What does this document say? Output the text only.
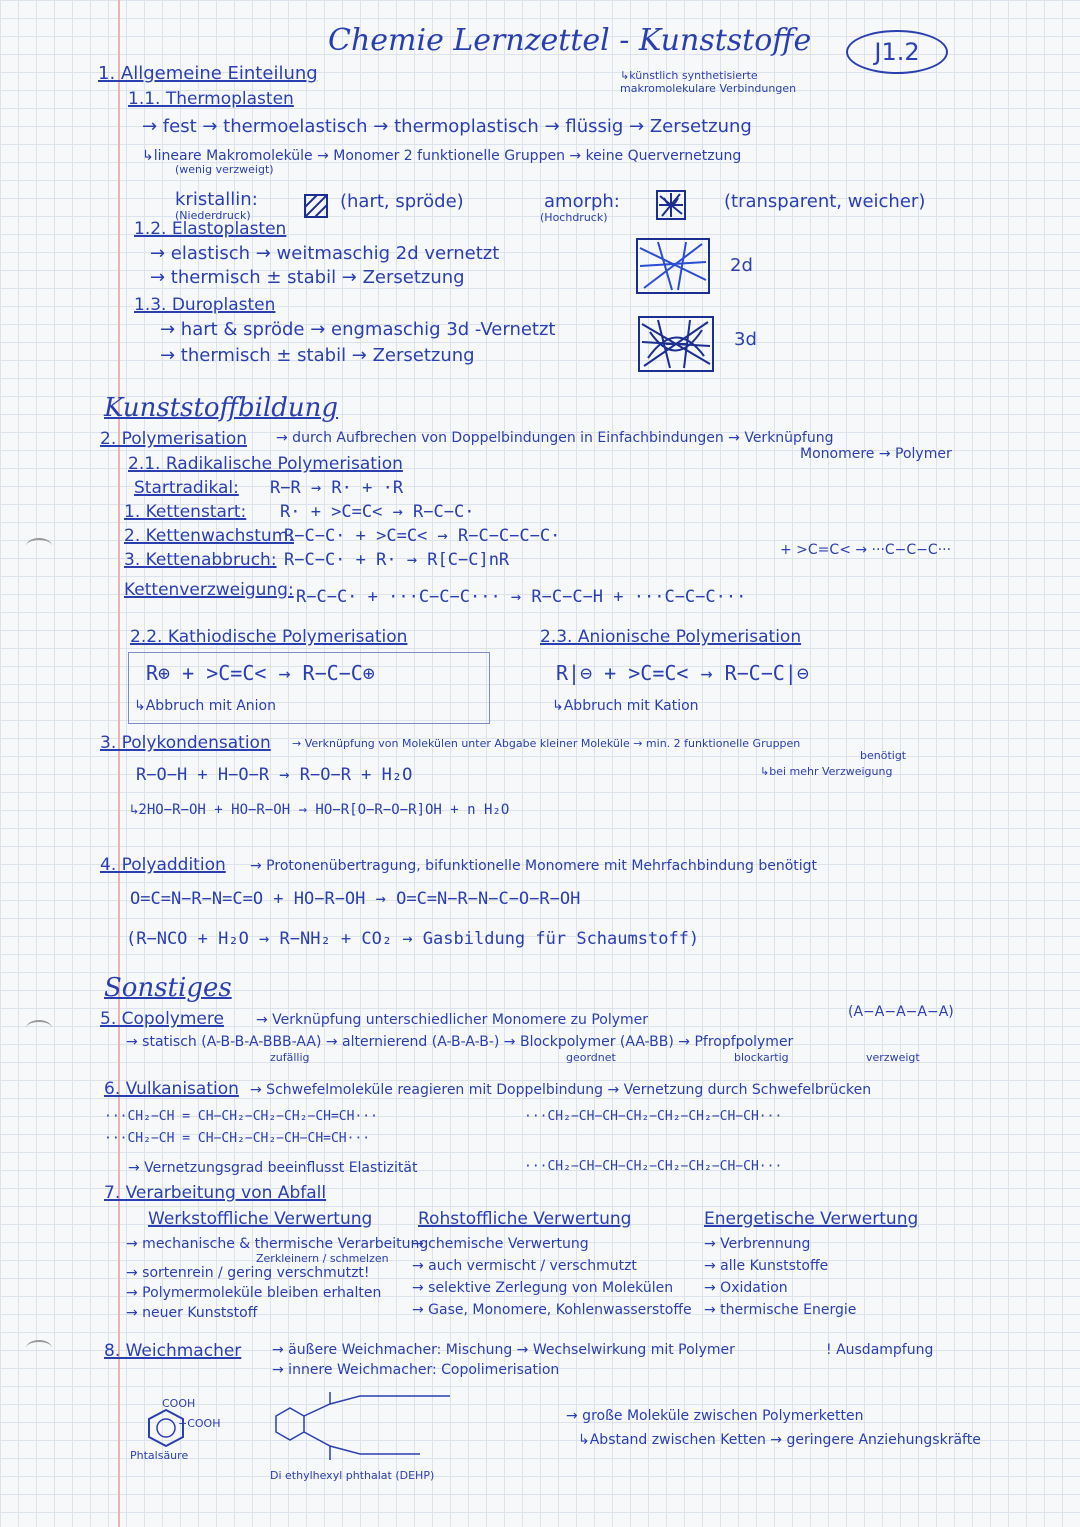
Chemie Lernzettel - Kunststoffe	J1.2
↳künstlich synthetisierte makromolekulare Verbindungen
1. Allgemeine Einteilung
1.1. Thermoplasten
→ fest → thermoelastisch → thermoplastisch → flüssig → Zersetzung
↳lineare Makromoleküle → Monomer 2 funktionelle Gruppen → keine Quervernetzung
(wenig verzweigt)
kristallin:
(Niederdruck)
(hart, spröde)	amorph:
(Hochdruck)
(transparent, weicher)
1.2. Elastoplasten
→ elastisch → weitmaschig 2d vernetzt
→ thermisch ± stabil → Zersetzung
2d
1.3. Duroplasten
→ hart & spröde → engmaschig 3d -Vernetzt
→ thermisch ± stabil → Zersetzung
3d
Kunststoffbildung
2. Polymerisation → durch Aufbrechen von Doppelbindungen in Einfachbindungen → Verknüpfung
Monomere → Polymer
2.1. Radikalische Polymerisation
Startradikal: R−R → R· + ·R
1. Kettenstart: R· + >C=C< → R−C−C·
2. Kettenwachstum:
R−C−C· + >C=C< → R−C−C−C−C·
3. Kettenabbruch: R−C−C· + R· → R[C−C]nR
Kettenverzweigung: R−C−C· + ···C−C−C··· → R−C−C−H + ···C−C−C···
+ >C=C< → ···C−C−C···
2.2. Kathiodische Polymerisation
R⊕ + >C=C< → R−C−C⊕
↳Abbruch mit Anion
2.3. Anionische Polymerisation
R|⊖ + >C=C< → R−C−C|⊖
↳Abbruch mit Kation
3. Polykondensation → Verknüpfung von Molekülen unter Abgabe kleiner Moleküle → min. 2 funktionelle Gruppen
benötigt
↳bei mehr Verzweigung
R−O−H + H−O−R → R−O−R + H₂O
↳2HO−R−OH + HO−R−OH → HO−R[O−R−O−R]OH + n H₂O
4. Polyaddition → Protonenübertragung, bifunktionelle Monomere mit Mehrfachbindung benötigt
O=C=N−R−N=C=O + HO−R−OH → O=C=N−R−N−C−O−R−OH
(R−NCO + H₂O → R−NH₂ + CO₂ → Gasbildung für Schaumstoff)
Sonstiges
5. Copolymere → Verknüpfung unterschiedlicher Monomere zu Polymer	(A−A−A−A−A)
→ statisch (A-B-B-A-BBB-AA) → alternierend (A-B-A-B-) → Blockpolymer (AA-BB) → Pfropfpolymer
zufällig	geordnet	blockartig	verzweigt
6. Vulkanisation → Schwefelmoleküle reagieren mit Doppelbindung → Vernetzung durch Schwefelbrücken
···CH₂−CH = CH−CH₂−CH₂−CH₂−CH=CH···
···CH₂−CH = CH−CH₂−CH₂−CH−CH=CH···
···CH₂−CH−CH−CH₂−CH₂−CH₂−CH−CH···
···CH₂−CH−CH−CH₂−CH₂−CH₂−CH−CH···
→ Vernetzungsgrad beeinflusst Elastizität
7. Verarbeitung von Abfall
Werkstoffliche Verwertung
→ mechanische & thermische Verarbeitung
Zerkleinern / schmelzen
→ sortenrein / gering verschmutzt!
→ Polymermoleküle bleiben erhalten
→ neuer Kunststoff
Rohstoffliche Verwertung
→ chemische Verwertung
→ auch vermischt / verschmutzt
→ selektive Zerlegung von Molekülen
→ Gase, Monomere, Kohlenwasserstoffe
Energetische Verwertung
→ Verbrennung
→ alle Kunststoffe
→ Oxidation
→ thermische Energie
8. Weichmacher → äußere Weichmacher: Mischung → Wechselwirkung mit Polymer
→ innere Weichmacher: Copolimerisation
! Ausdampfung
COOH
−COOH
Phtalsäure
Di ethylhexyl phthalat (DEHP)
→ große Moleküle zwischen Polymerketten
↳Abstand zwischen Ketten → geringere Anziehungskräfte
